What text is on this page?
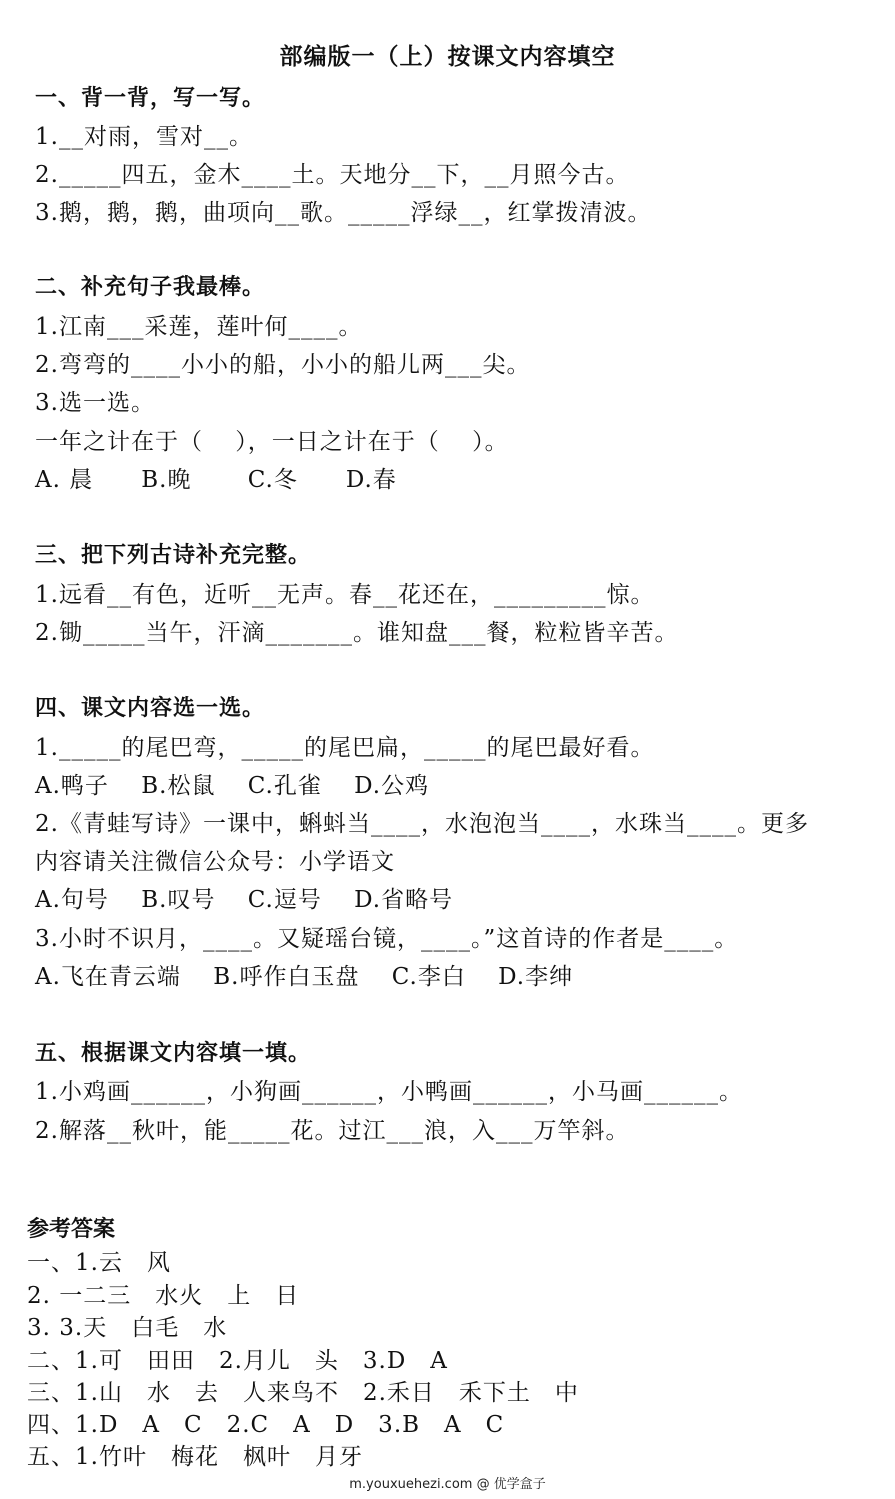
部编版一（上）按课文内容填空
一、背一背，写一写。
1.__对雨，雪对__。
2._____四五，金木____土。天地分__下，__月照今古。
3.鹅，鹅，鹅，曲项向__歌。_____浮绿__，红掌拨清波。
二、补充句子我最棒。
1.江南___采莲，莲叶何____。
2.弯弯的____小小的船，小小的船儿两___尖。
3.选一选。
一年之计在于（　 ），一日之计在于（　 ）。
A. 晨　　B.晚　　 C.冬　　D.春
三、把下列古诗补充完整。
1.远看__有色，近听__无声。春__花还在，_________惊。
2.锄_____当午，汗滴_______。谁知盘___餐，粒粒皆辛苦。
四、课文内容选一选。
1._____的尾巴弯，_____的尾巴扁，_____的尾巴最好看。
A.鸭子　 B.松鼠　 C.孔雀　 D.公鸡
2.《青蛙写诗》一课中，蝌蚪当____，水泡泡当____，水珠当____。更多
内容请关注微信公众号：小学语文
A.句号　 B.叹号　 C.逗号　 D.省略号
3.小时不识月，____。又疑瑶台镜，____。”这首诗的作者是____。
A.飞在青云端　 B.呼作白玉盘　 C.李白　 D.李绅
五、根据课文内容填一填。
1.小鸡画______，小狗画______，小鸭画______，小马画______。
2.解落__秋叶，能_____花。过江___浪，入___万竿斜。
参考答案
一、1.云　风
2. 一二三　水火　上　日
3. 3.天　白毛　水
二、1.可　田田　2.月儿　头　3.D　A
三、1.山　水　去　人来鸟不　2.禾日　禾下土　中
四、1.D　A　C　2.C　A　D　3.B　A　C
五、1.竹叶　梅花　枫叶　月牙
m.youxuehezi.com @ 优学盒子
